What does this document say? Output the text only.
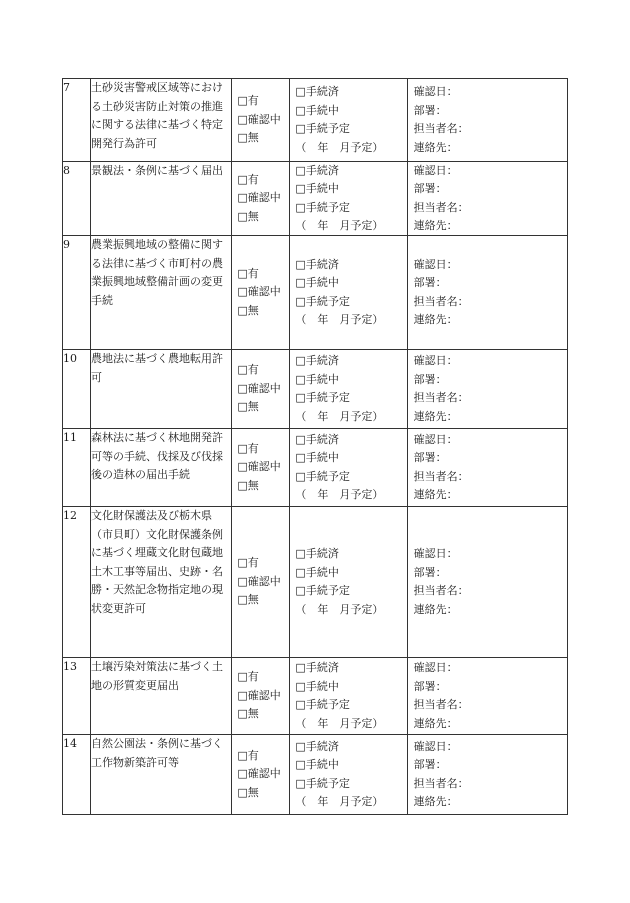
7	土砂災害警戒区域等における土砂災害防止対策の推進に関する法律に基づく特定開発行為許可	□有
□確認中
□無	□手続済
□手続中
□手続予定
（　年　月予定）	確認日：
部署：
担当者名：
連絡先：

8	景観法・条例に基づく届出	□有
□確認中
□無	□手続済
□手続中
□手続予定
（　年　月予定）	確認日：
部署：
担当者名：
連絡先：

9	農業振興地域の整備に関する法律に基づく市町村の農業振興地域整備計画の変更手続	□有
□確認中
□無	□手続済
□手続中
□手続予定
（　年　月予定）	確認日：
部署：
担当者名：
連絡先：

10	農地法に基づく農地転用許可	□有
□確認中
□無	□手続済
□手続中
□手続予定
（　年　月予定）	確認日：
部署：
担当者名：
連絡先：

11	森林法に基づく林地開発許可等の手続、伐採及び伐採後の造林の届出手続	□有
□確認中
□無	□手続済
□手続中
□手続予定
（　年　月予定）	確認日：
部署：
担当者名：
連絡先：

12	文化財保護法及び栃木県（市貝町）文化財保護条例に基づく埋蔵文化財包蔵地土木工事等届出、史跡・名勝・天然記念物指定地の現状変更許可	□有
□確認中
□無	□手続済
□手続中
□手続予定
（　年　月予定）	確認日：
部署：
担当者名：
連絡先：

13	土壌汚染対策法に基づく土地の形質変更届出	□有
□確認中
□無	□手続済
□手続中
□手続予定
（　年　月予定）	確認日：
部署：
担当者名：
連絡先：

14	自然公園法・条例に基づく工作物新築許可等	□有
□確認中
□無	□手続済
□手続中
□手続予定
（　年　月予定）	確認日：
部署：
担当者名：
連絡先：
